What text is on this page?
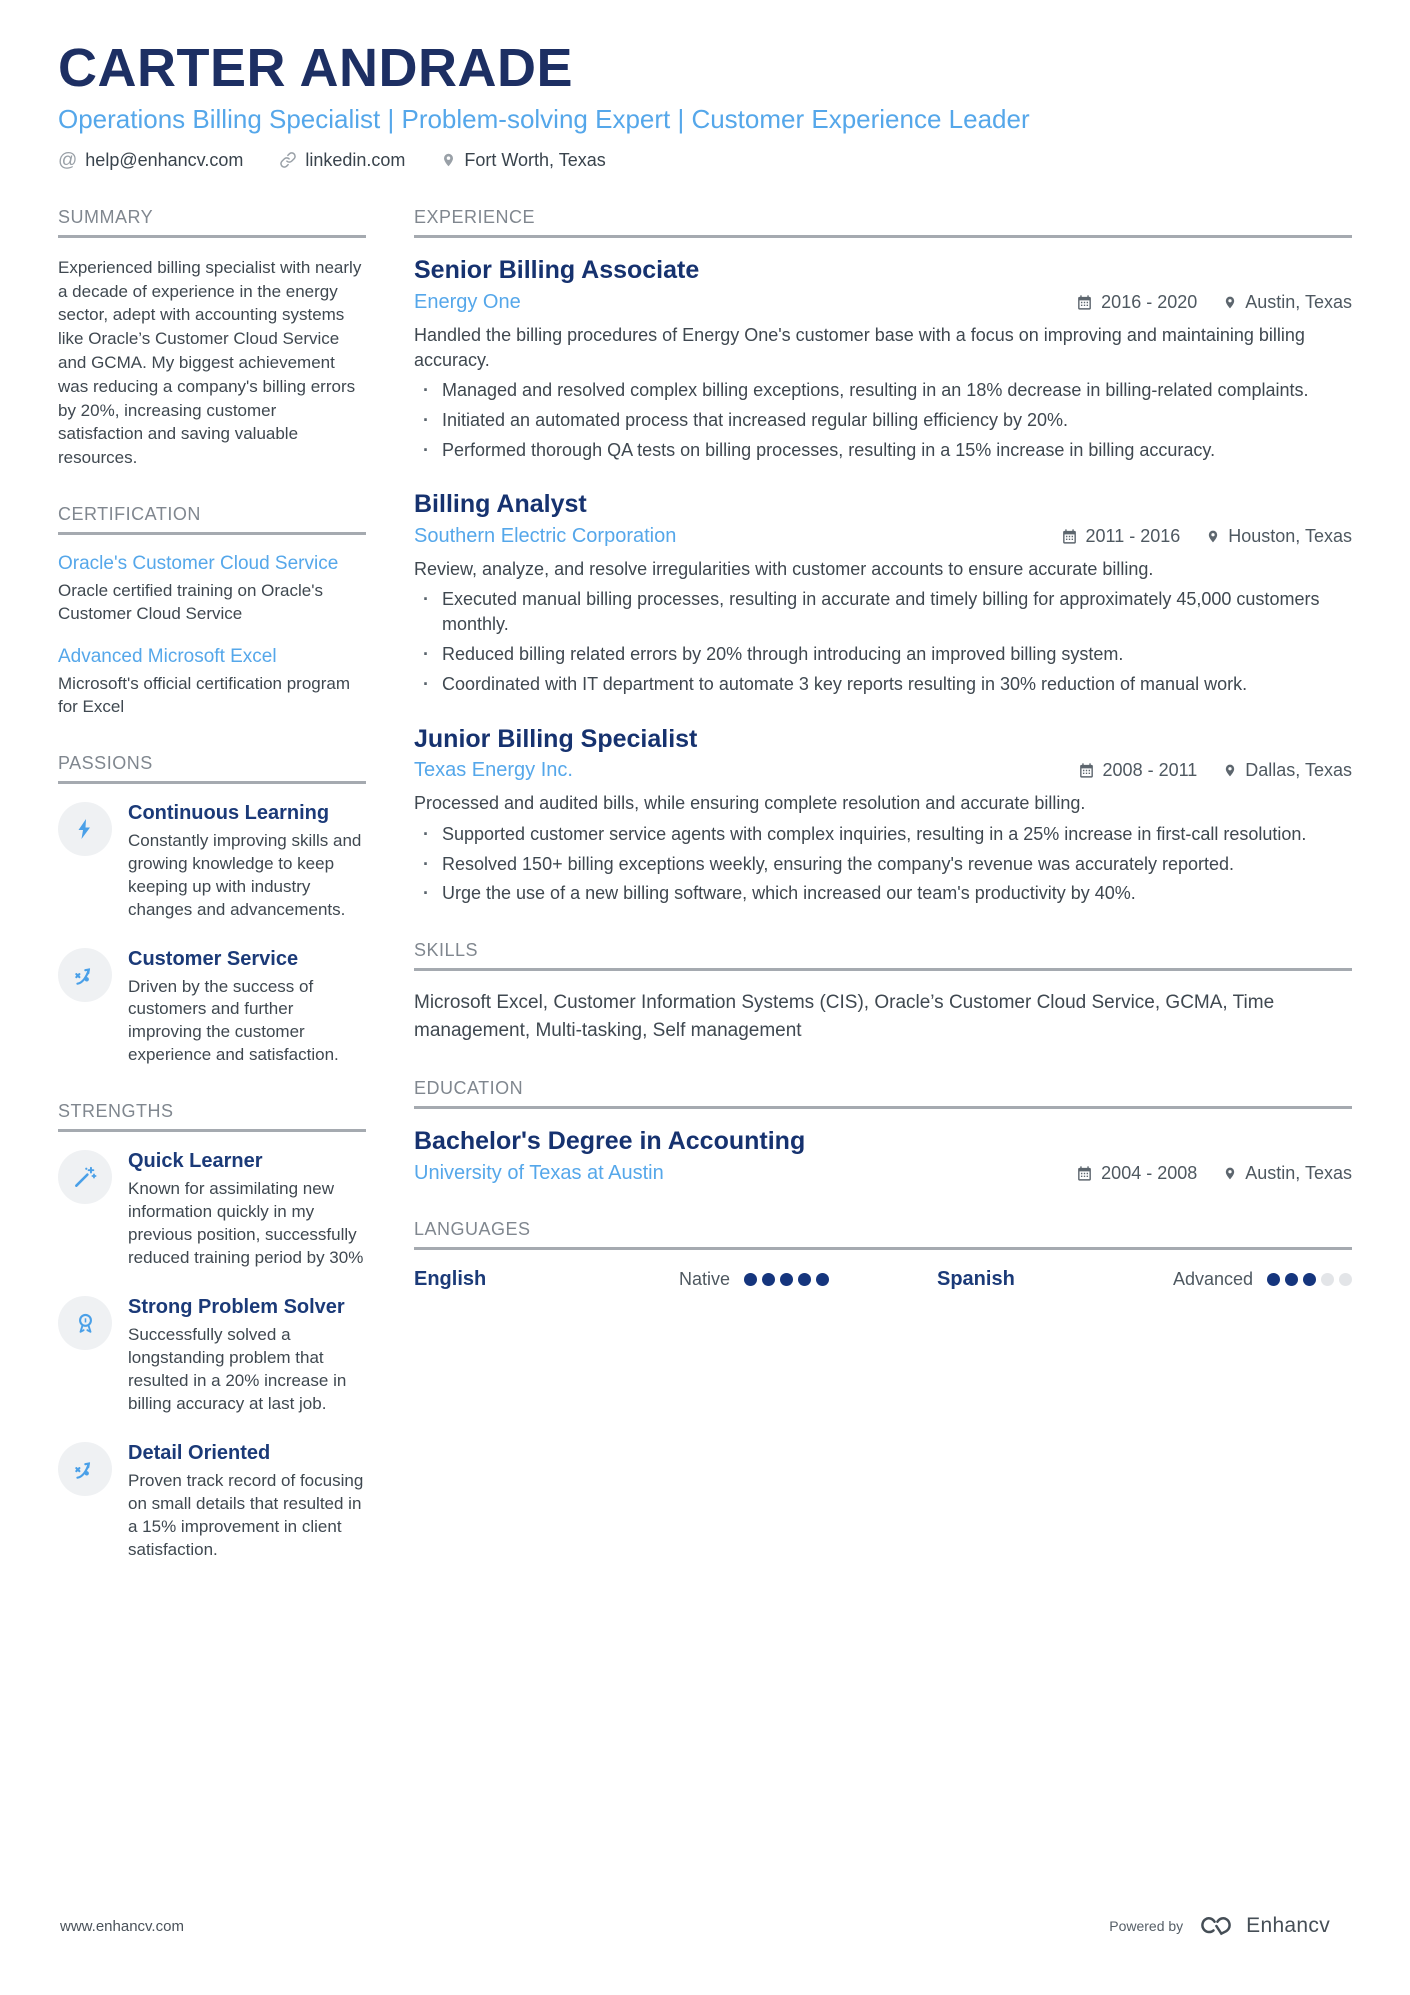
CARTER ANDRADE
Operations Billing Specialist | Problem-solving Expert | Customer Experience Leader
@ help@enhancv.com	linkedin.com	Fort Worth, Texas
SUMMARY

Experienced billing specialist with nearly a decade of experience in the energy sector, adept with accounting systems like Oracle’s Customer Cloud Service and GCMA. My biggest achievement was reducing a company's billing errors by 20%, increasing customer satisfaction and saving valuable resources.

CERTIFICATION
Oracle's Customer Cloud Service
Oracle certified training on Oracle's Customer Cloud Service
Advanced Microsoft Excel
Microsoft's official certification program for Excel
PASSIONS
Continuous Learning
Constantly improving skills and growing knowledge to keep keeping up with industry changes and advancements.
Customer Service
Driven by the success of customers and further improving the customer experience and satisfaction.
STRENGTHS
Quick Learner
Known for assimilating new information quickly in my previous position, successfully reduced training period by 30%
Strong Problem Solver
Successfully solved a longstanding problem that resulted in a 20% increase in billing accuracy at last job.
Detail Oriented
Proven track record of focusing on small details that resulted in a 15% improvement in client satisfaction.
EXPERIENCE
Senior Billing Associate
Energy One	2016 - 2020	Austin, Texas

Handled the billing procedures of Energy One's customer base with a focus on improving and maintaining billing accuracy.

· Managed and resolved complex billing exceptions, resulting in an 18% decrease in billing-related complaints.
· Initiated an automated process that increased regular billing efficiency by 20%.
· Performed thorough QA tests on billing processes, resulting in a 15% increase in billing accuracy.
Billing Analyst
Southern Electric Corporation	2011 - 2016	Houston, Texas

Review, analyze, and resolve irregularities with customer accounts to ensure accurate billing.

· Executed manual billing processes, resulting in accurate and timely billing for approximately 45,000 customers monthly.
· Reduced billing related errors by 20% through introducing an improved billing system.
· Coordinated with IT department to automate 3 key reports resulting in 30% reduction of manual work.
Junior Billing Specialist
Texas Energy Inc.	2008 - 2011	Dallas, Texas

Processed and audited bills, while ensuring complete resolution and accurate billing.

· Supported customer service agents with complex inquiries, resulting in a 25% increase in first-call resolution.
· Resolved 150+ billing exceptions weekly, ensuring the company's revenue was accurately reported.
· Urge the use of a new billing software, which increased our team's productivity by 40%.
SKILLS

Microsoft Excel, Customer Information Systems (CIS), Oracle’s Customer Cloud Service, GCMA, Time management, Multi-tasking, Self management

EDUCATION
Bachelor's Degree in Accounting
University of Texas at Austin	2004 - 2008	Austin, Texas
LANGUAGES
English	Native	Spanish	Advanced
www.enhancv.com	Powered by	Enhancv
